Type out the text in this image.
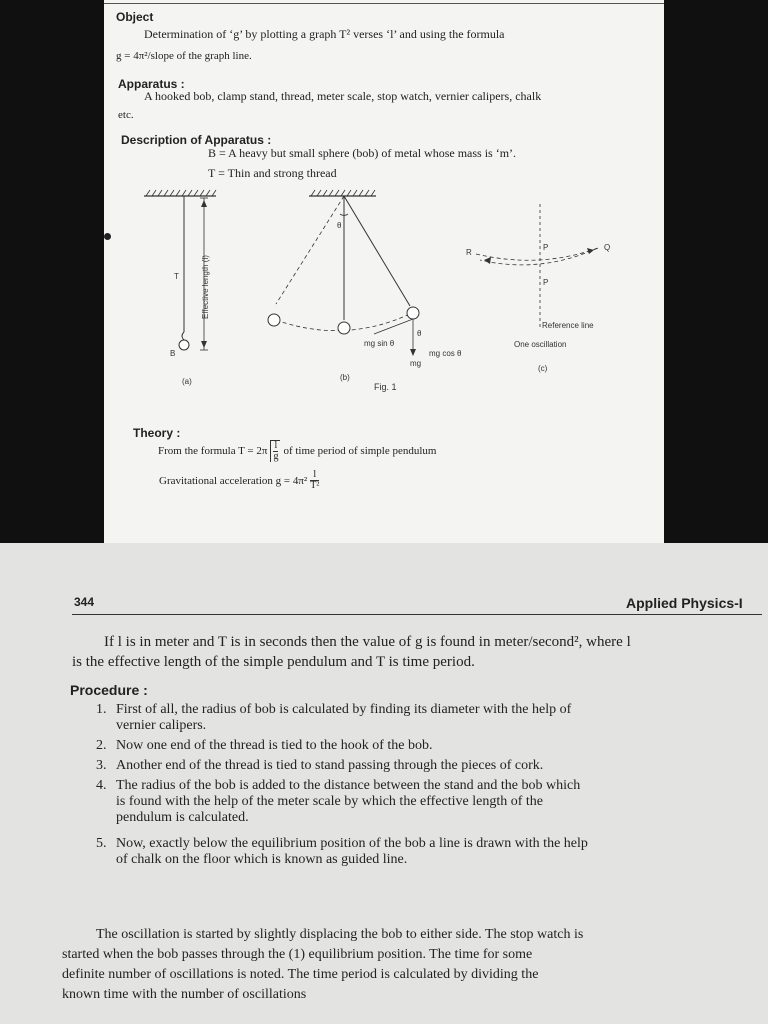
Object
Determination of ‘g’ by plotting a graph T² verses ‘l’ and using the formula
g = 4π²/slope of the graph line.
Apparatus :
A hooked bob, clamp stand, thread, meter scale, stop watch, vernier calipers, chalk
etc.
Description of Apparatus :
B = A heavy but small sphere (bob) of metal whose mass is ‘m’.
T = Thin and strong thread
T
B
Effective length (l)
(a)
θ
θ
mg sin θ
mg cos θ
mg
(b)
Fig. 1
R
P	Q
P
Reference line
One oscillation
(c)
Theory :
From the formula $T = 2\pi \frac{l}{g}$ of time period of simple pendulum
Gravitational acceleration $g = 4\pi^2 \frac{l}{\text{T²}}$
344	Applied Physics-I
If l is in meter and T is in seconds then the value of g is found in meter/second², where l
is the effective length of the simple pendulum and T is time period.
Procedure :
1. First of all, the radius of bob is calculated by finding its diameter with the help of
vernier calipers.
2. Now one end of the thread is tied to the hook of the bob.
3. Another end of the thread is tied to stand passing through the pieces of cork.
4. The radius of the bob is added to the distance between the stand and the bob which
is found with the help of the meter scale by which the effective length of the
pendulum is calculated.
5. Now, exactly below the equilibrium position of the bob a line is drawn with the help
of chalk on the floor which is known as guided line.
The oscillation is started by slightly displacing the bob to either side. The stop watch is
started when the bob passes through the (1) equilibrium position. The time for some
definite number of oscillations is noted. The time period is calculated by dividing the
known time with the number of oscillations
